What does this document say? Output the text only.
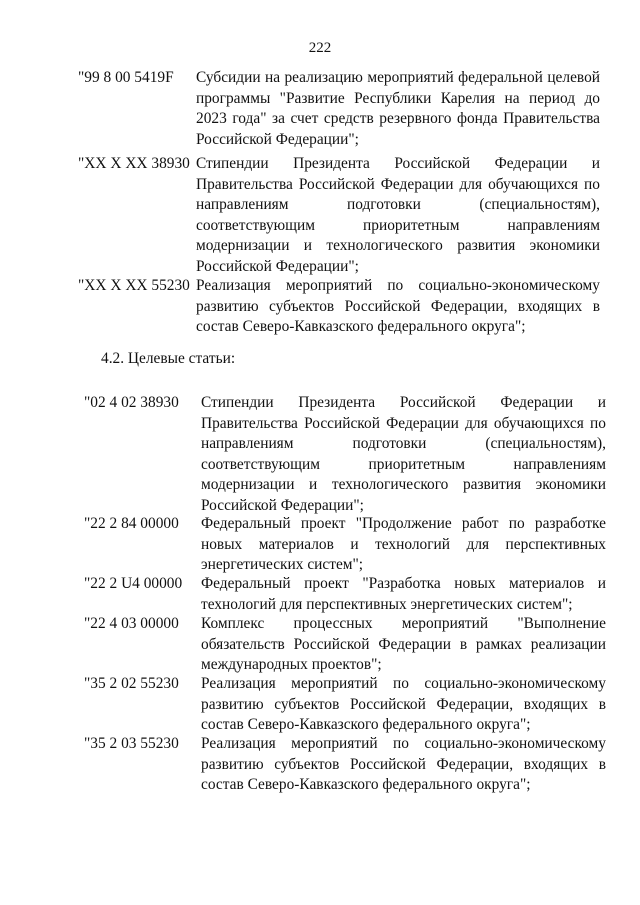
222
"99 8 00 5419F Субсидии на реализацию мероприятий федеральной целевой программы "Развитие Республики Карелия на период до 2023 года" за счет средств резервного фонда Правительства Российской Федерации";
"XX X XX 38930 Стипендии Президента Российской Федерации и Правительства Российской Федерации для обучающихся по направлениям подготовки (специальностям), соответствующим приоритетным направлениям модернизации и технологического развития экономики Российской Федерации";
"XX X XX 55230 Реализация мероприятий по социально-экономическому развитию субъектов Российской Федерации, входящих в состав Северо-Кавказского федерального округа";
4.2. Целевые статьи:
"02 4 02 38930 Стипендии Президента Российской Федерации и Правительства Российской Федерации для обучающихся по направлениям подготовки (специальностям), соответствующим приоритетным направлениям модернизации и технологического развития экономики Российской Федерации";
"22 2 84 00000 Федеральный проект "Продолжение работ по разработке новых материалов и технологий для перспективных энергетических систем";
"22 2 U4 00000 Федеральный проект "Разработка новых материалов и технологий для перспективных энергетических систем";
"22 4 03 00000 Комплекс процессных мероприятий "Выполнение обязательств Российской Федерации в рамках реализации международных проектов";
"35 2 02 55230 Реализация мероприятий по социально-экономическому развитию субъектов Российской Федерации, входящих в состав Северо-Кавказского федерального округа";
"35 2 03 55230 Реализация мероприятий по социально-экономическому развитию субъектов Российской Федерации, входящих в состав Северо-Кавказского федерального округа";
